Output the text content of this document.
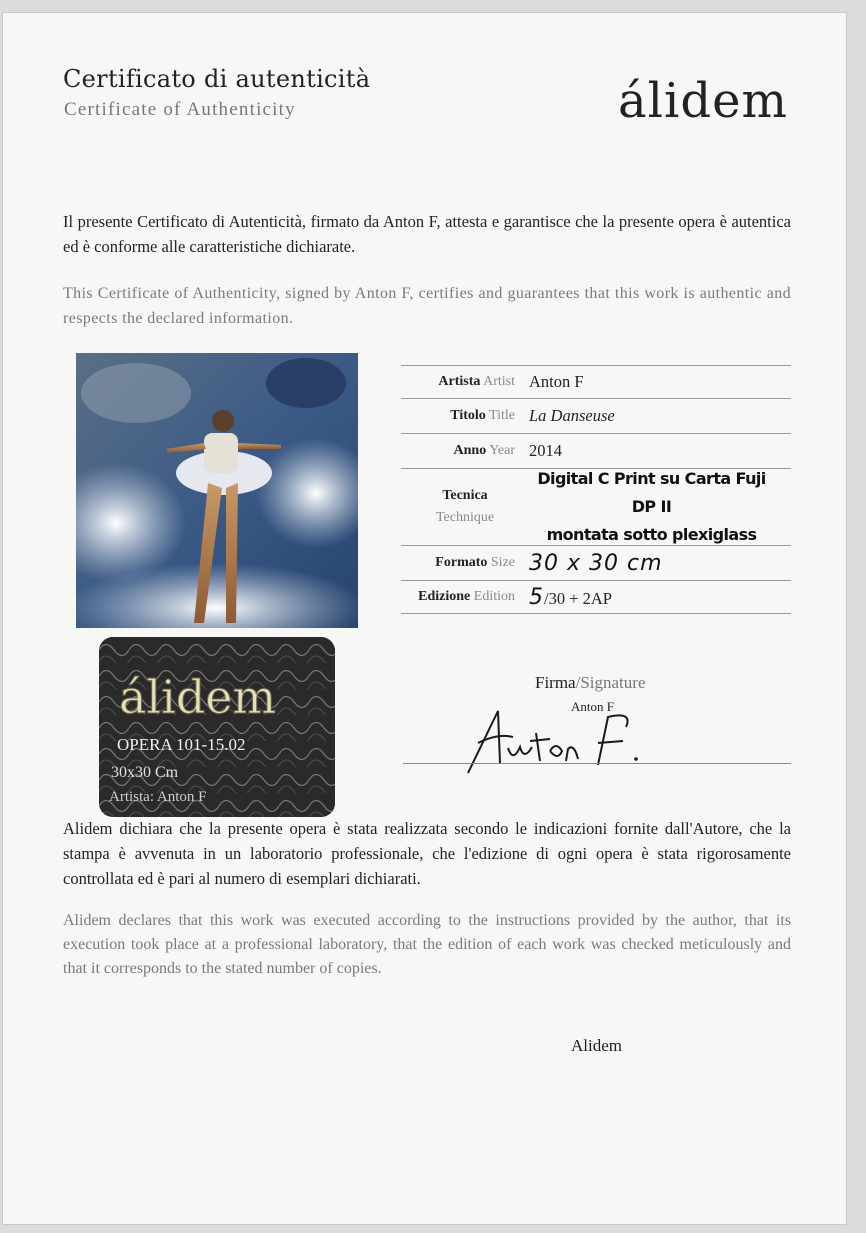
Certificato di autenticità
Certificate of Authenticity	álidem
Il presente Certificato di Autenticità, firmato da Anton F, attesta e garantisce che la presente opera è autentica ed è conforme alle caratteristiche dichiarate.
This Certificate of Authenticity, signed by Anton F, certifies and guarantees that this work is authentic and respects the declared information.
álidem
OPERA 101-15.02
30x30 Cm
Artista: Anton F
Artista Artist Anton F
Titolo Title La Danseuse
Anno Year 2014
Tecnica
Technique
Digital C Print su Carta Fuji DP II
montata sotto plexiglass
Formato Size 30 x 30 cm
Edizione Edition 5/30 + 2AP
Firma/Signature
Anton F
Alidem dichiara che la presente opera è stata realizzata secondo le indicazioni fornite dall'Autore, che la stampa è avvenuta in un laboratorio professionale, che l'edizione di ogni opera è stata rigorosamente controllata ed è pari al numero di esemplari dichiarati.
Alidem declares that this work was executed according to the instructions provided by the author, that its execution took place at a professional laboratory, that the edition of each work was checked meticulously and that it corresponds to the stated number of copies.
Alidem
